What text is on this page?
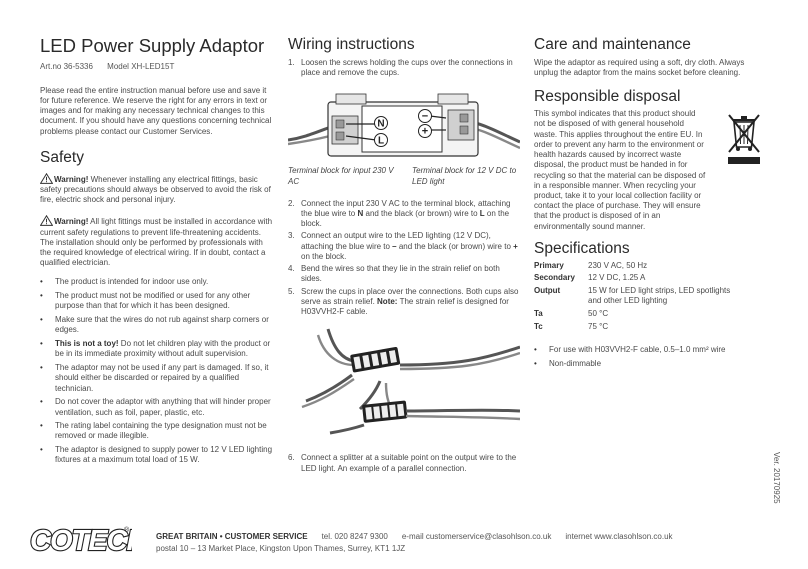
LED Power Supply Adaptor

Art.no 36-5336 Model XH-LED15T

Please read the entire instruction manual before use and save it for future reference. We reserve the right for any errors in text or images and for making any necessary technical changes to this document. If you should have any questions concerning technical problems please contact our Customer Services.

Safety

Warning! Whenever installing any electrical fittings, basic safety precautions should always be observed to avoid the risk of fire, electric shock and personal injury.

Warning! All light fittings must be installed in accordance with current safety regulations to prevent life-threatening accidents. The installation should only be performed by professionals with the required knowledge of electrical wiring. If in doubt, contact a qualified electrician.

• The product is intended for indoor use only.
• The product must not be modified or used for any other purpose than that for which it has been designed.
• Make sure that the wires do not rub against sharp corners or edges.
• This is not a toy! Do not let children play with the product or be in its immediate proximity without adult supervision.
• The adaptor may not be used if any part is damaged. If so, it should either be discarded or repaired by a qualified technician.
• Do not cover the adaptor with anything that will hinder proper ventilation, such as foil, paper, plastic, etc.
• The rating label containing the type designation must not be removed or made illegible.
• The adaptor is designed to supply power to 12 V LED lighting fixtures at a maximum total load of 15 W.
Wiring instructions
1. Loosen the screws holding the cups over the connections in place and remove the cups.
N
L
−
+
Terminal block for input 230 V AC
Terminal block for 12 V DC to LED light
2. Connect the input 230 V AC to the terminal block, attaching the blue wire to N and the black (or brown) wire to L on the block.
3. Connect an output wire to the LED lighting (12 V DC), attaching the blue wire to – and the black (or brown) wire to + on the block.
4. Bend the wires so that they lie in the strain relief on both sides.
5. Screw the cups in place over the connections. Both cups also serve as strain relief. Note: The strain relief is designed for H03VVH2-F cable.
6. Connect a splitter at a suitable point on the output wire to the LED light. An example of a parallel connection.
Care and maintenance

Wipe the adaptor as required using a soft, dry cloth. Always unplug the adaptor from the mains socket before cleaning.

Responsible disposal

This symbol indicates that this product should not be disposed of with general household waste. This applies throughout the entire EU. In order to prevent any harm to the environment or health hazards caused by incorrect waste disposal, the product must be handed in for recycling so that the material can be disposed of in a responsible manner. When recycling your product, take it to your local collection facility or contact the place of purchase. They will ensure that the product is disposed of in an environmentally sound manner.

Specifications
Primary	230 V AC, 50 Hz
Secondary	12 V DC, 1.25 A
Output	15 W for LED light strips, LED spotlights and other LED lighting
Ta	50 °C
Tc	75 °C
• For use with H03VVH2-F cable, 0.5–1.0 mm² wire
• Non-dimmable
Ver. 20170925
COTEC
®
GREAT BRITAIN • CUSTOMER SERVICE tel. 020 8247 9300 e-mail customerservice@clasohlson.co.uk internet www.clasohlson.co.uk
postal 10 – 13 Market Place, Kingston Upon Thames, Surrey, KT1 1JZ
